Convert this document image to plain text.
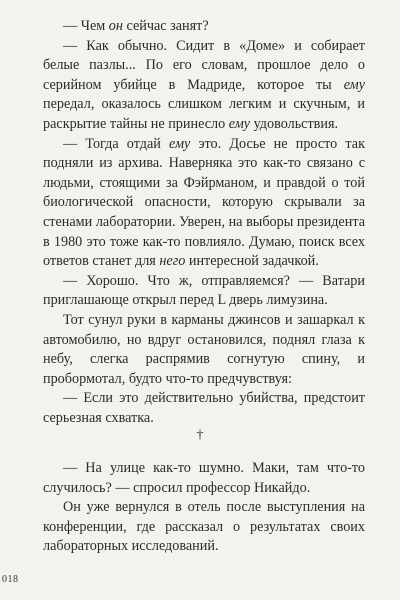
— Чем он сейчас занят?

— Как обычно. Сидит в «Доме» и собирает белые пазлы... По его словам, прошлое дело о серийном убийце в Мадриде, которое ты ему передал, оказалось слишком легким и скучным, и раскрытие тайны не принесло ему удовольствия.

— Тогда отдай ему это. Досье не просто так подняли из архива. Наверняка это как-то связано с людьми, стоящими за Фэйрманом, и правдой о той биологической опасности, которую скрывали за стенами лаборатории. Уверен, на выборы президента в 1980 это тоже как-то повлияло. Думаю, поиск всех ответов станет для него интересной задачкой.

— Хорошо. Что ж, отправляемся? — Ватари приглашающе открыл перед L дверь лимузина.

Тот сунул руки в карманы джинсов и зашаркал к автомобилю, но вдруг остановился, поднял глаза к небу, слегка распрямив согнутую спину, и пробормотал, будто что-то предчувствуя:

— Если это действительно убийства, предстоит серьезная схватка.

†

— На улице как-то шумно. Маки, там что-то случилось? — спросил профессор Никайдо.

Он уже вернулся в отель после выступления на конференции, где рассказал о результатах своих лабораторных исследований.

018
